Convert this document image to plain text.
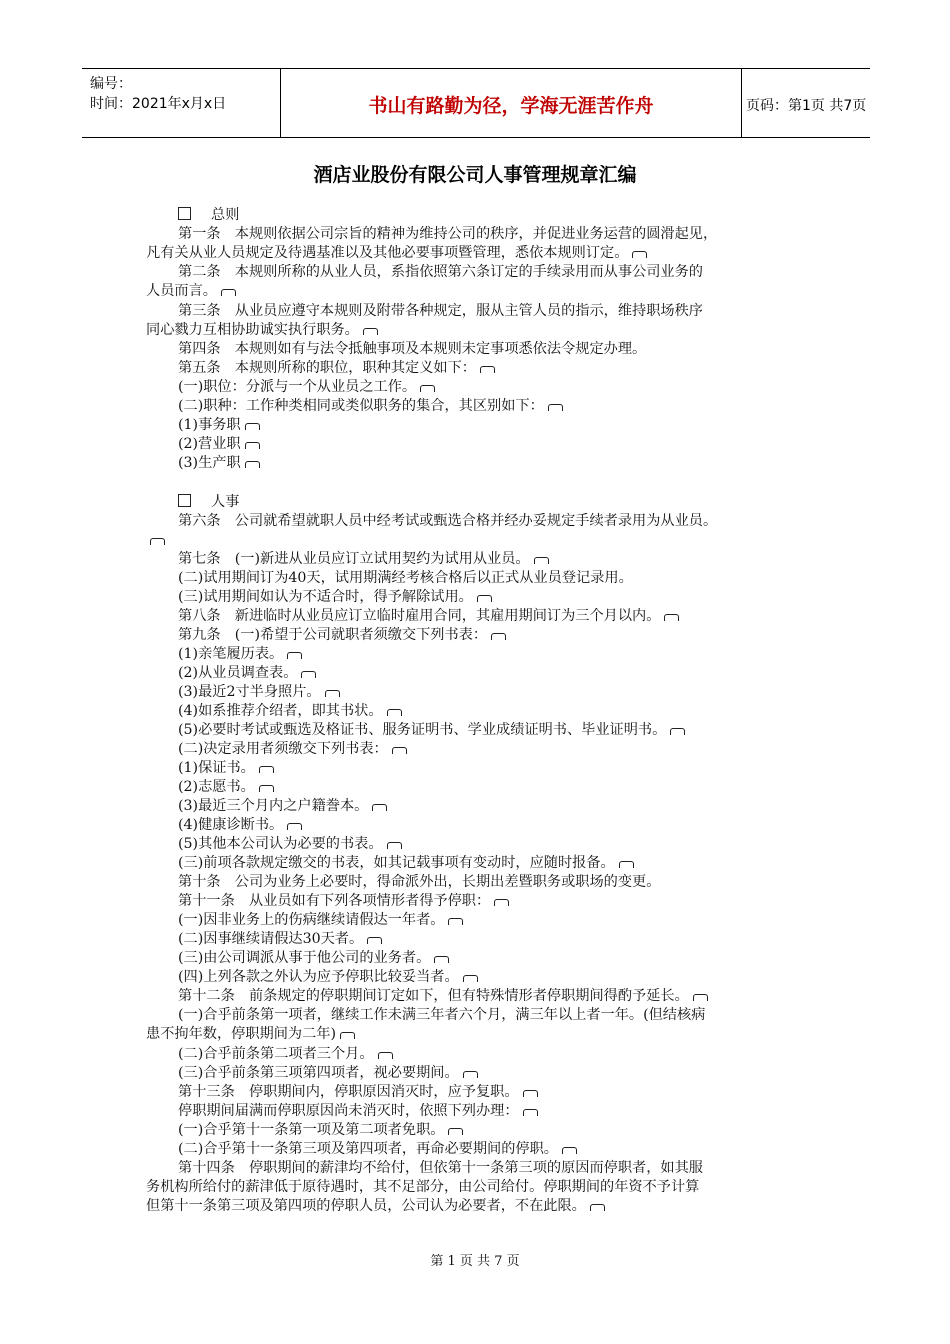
编号：
时间：2021年x月x日	书山有路勤为径，学海无涯苦作舟	页码：第1页 共7页
酒店业股份有限公司人事管理规章汇编
总则
人事
第一条　本规则依据公司宗旨的精神为维持公司的秩序，并促进业务运营的圆滑起见，
凡有关从业人员规定及待遇基准以及其他必要事项暨管理，悉依本规则订定。
第二条　本规则所称的从业人员，系指依照第六条订定的手续录用而从事公司业务的
人员而言。
第三条　从业员应遵守本规则及附带各种规定，服从主管人员的指示，维持职场秩序
同心戮力互相协助诚实执行职务。
第四条　本规则如有与法令抵触事项及本规则未定事项悉依法令规定办理。
第五条　本规则所称的职位，职种其定义如下：
(一)职位：分派与一个从业员之工作。
(二)职种：工作种类相同或类似职务的集合，其区别如下：
(1)事务职
(2)营业职
(3)生产职
第六条　公司就希望就职人员中经考试或甄选合格并经办妥规定手续者录用为从业员。
第七条　(一)新进从业员应订立试用契约为试用从业员。
(二)试用期间订为40天，试用期满经考核合格后以正式从业员登记录用。
(三)试用期间如认为不适合时，得予解除试用。
第八条　新进临时从业员应订立临时雇用合同，其雇用期间订为三个月以内。
第九条　(一)希望于公司就职者须缴交下列书表：
(1)亲笔履历表。
(2)从业员调查表。
(3)最近2寸半身照片。
(4)如系推荐介绍者，即其书状。
(5)必要时考试或甄选及格证书、服务证明书、学业成绩证明书、毕业证明书。
(二)决定录用者须缴交下列书表：
(1)保证书。
(2)志愿书。
(3)最近三个月内之户籍誊本。
(4)健康诊断书。
(5)其他本公司认为必要的书表。
(三)前项各款规定缴交的书表，如其记载事项有变动时，应随时报备。
第十条　公司为业务上必要时，得命派外出，长期出差暨职务或职场的变更。
第十一条　从业员如有下列各项情形者得予停职：
(一)因非业务上的伤病继续请假达一年者。
(二)因事继续请假达30天者。
(三)由公司调派从事于他公司的业务者。
(四)上列各款之外认为应予停职比较妥当者。
第十二条　前条规定的停职期间订定如下，但有特殊情形者停职期间得酌予延长。
(一)合乎前条第一项者，继续工作未满三年者六个月，满三年以上者一年。(但结核病
患不拘年数，停职期间为二年)
(二)合乎前条第二项者三个月。
(三)合乎前条第三项第四项者，视必要期间。
第十三条　停职期间内，停职原因消灭时，应予复职。
停职期间届满而停职原因尚未消灭时，依照下列办理：
(一)合乎第十一条第一项及第二项者免职。
(二)合乎第十一条第三项及第四项者，再命必要期间的停职。
第十四条　停职期间的薪津均不给付，但依第十一条第三项的原因而停职者，如其服
务机构所给付的薪津低于原待遇时，其不足部分，由公司给付。停职期间的年资不予计算
但第十一条第三项及第四项的停职人员，公司认为必要者，不在此限。
第 1 页 共 7 页
